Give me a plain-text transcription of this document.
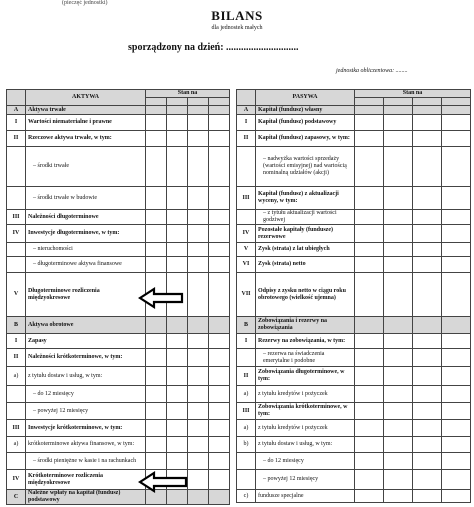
(pieczęć jednostki)
BILANS
dla jednostek małych
sporządzony na dzień: .............................
jednostka obliczeniowa: ........
	AKTYWA	Stan na			

A	Aktywa trwałe				
I	Wartości niematerialne i prawne				
II	Rzeczowe aktywa trwałe, w tym:				
	– środki trwałe				
	– środki trwałe w budowie				
III	Należności długoterminowe				
IV	Inwestycje długoterminowe, w tym:				
	– nieruchomości				
	– długoterminowe aktywa finansowe				
V	Długoterminowe rozliczenia międzyokresowe				
B	Aktywa obrotowe				
I	Zapasy				
II	Należności krótkoterminowe, w tym:				
a)	z tytułu dostaw i usług, w tym:				
	– do 12 miesięcy				
	– powyżej 12 miesięcy				
III	Inwestycje krótkoterminowe, w tym:				
a)	krótkoterminowe aktywa finansowe, w tym:				
	– środki pieniężne w kasie i na rachunkach				
IV	Krótkoterminowe rozliczenia międzyokresowe				
C	Należne wpłaty na kapitał (fundusz) podstawowy				
	PASYWA	Stan na			

A	Kapitał (fundusz) własny				
I	Kapitał (fundusz) podstawowy				
II	Kapitał (fundusz) zapasowy, w tym:				
	– nadwyżka wartości sprzedaży (wartości emisyjnej) nad wartością nominalną udziałów (akcji)				
III	Kapitał (fundusz) z aktualizacji wyceny, w tym:				
	– z tytułu aktualizacji wartości godziwej				
IV	Pozostałe kapitały (fundusze) rezerwowe				
V	Zysk (strata) z lat ubiegłych				
VI	Zysk (strata) netto				
VII	Odpisy z zysku netto w ciągu roku obrotowego (wielkość ujemna)				
B	Zobowiązania i rezerwy na zobowiązania				
I	Rezerwy na zobowiązania, w tym:				
	– rezerwa na świadczenia emerytalne i podobne				
II	Zobowiązania długoterminowe, w tym:				
a)	z tytułu kredytów i pożyczek				
III	Zobowiązania krótkoterminowe, w tym:				
a)	z tytułu kredytów i pożyczek				
b)	z tytułu dostaw i usług, w tym:				
	– do 12 miesięcy				
	– powyżej 12 miesięcy				
c)	fundusze specjalne				
